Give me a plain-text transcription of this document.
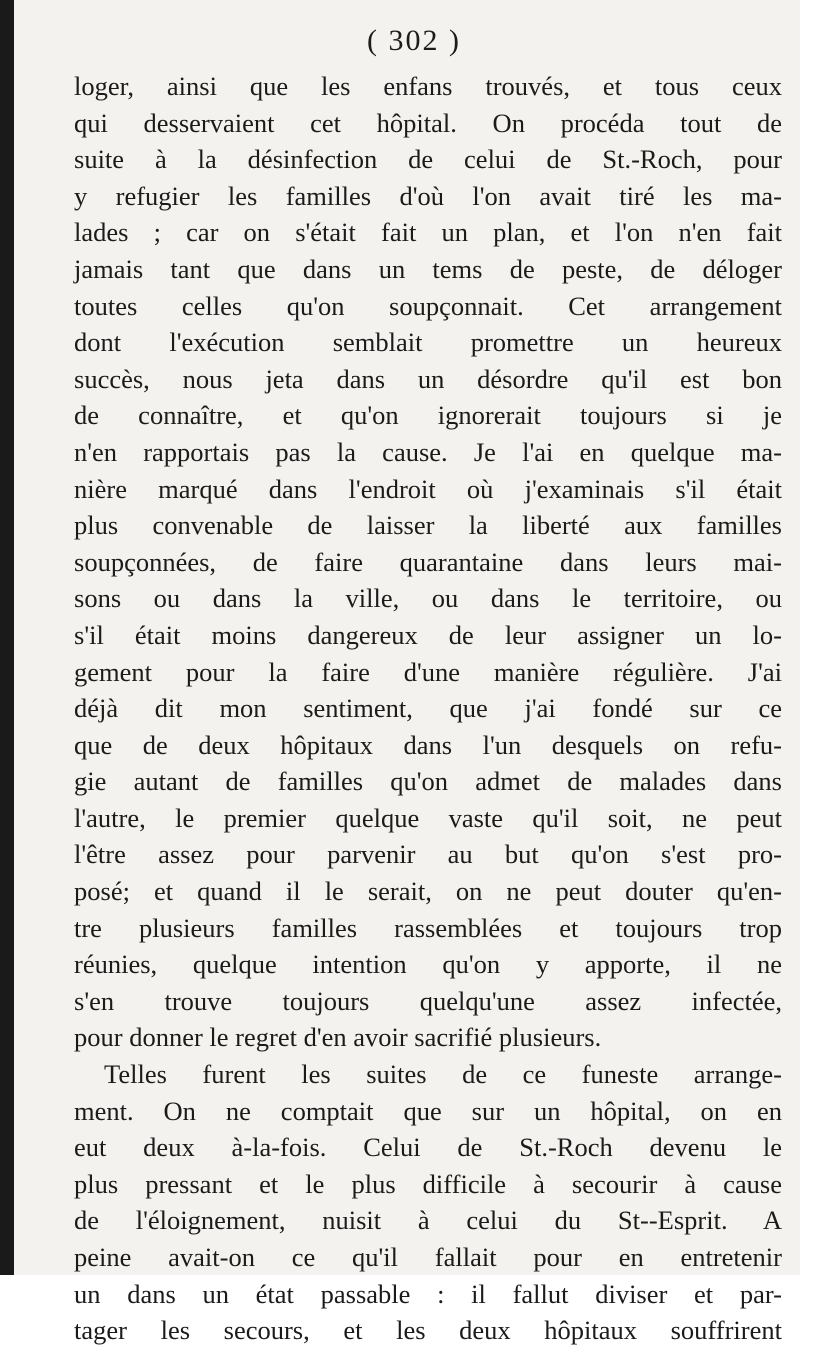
( 302 )
loger, ainsi que les enfans trouvés, et tous ceux
qui desservaient cet hôpital. On procéda tout de
suite à la désinfection de celui de St.-Roch, pour
y refugier les familles d'où l'on avait tiré les ma-
lades ; car on s'était fait un plan, et l'on n'en fait
jamais tant que dans un tems de peste, de déloger
toutes celles qu'on soupçonnait. Cet arrangement
dont l'exécution semblait promettre un heureux
succès, nous jeta dans un désordre qu'il est bon
de connaître, et qu'on ignorerait toujours si je
n'en rapportais pas la cause. Je l'ai en quelque ma-
nière marqué dans l'endroit où j'examinais s'il était
plus convenable de laisser la liberté aux familles
soupçonnées, de faire quarantaine dans leurs mai-
sons ou dans la ville, ou dans le territoire, ou
s'il était moins dangereux de leur assigner un lo-
gement pour la faire d'une manière régulière. J'ai
déjà dit mon sentiment, que j'ai fondé sur ce
que de deux hôpitaux dans l'un desquels on refu-
gie autant de familles qu'on admet de malades dans
l'autre, le premier quelque vaste qu'il soit, ne peut
l'être assez pour parvenir au but qu'on s'est pro-
posé; et quand il le serait, on ne peut douter qu'en-
tre plusieurs familles rassemblées et toujours trop
réunies, quelque intention qu'on y apporte, il ne
s'en trouve toujours quelqu'une assez infectée,
pour donner le regret d'en avoir sacrifié plusieurs.
Telles furent les suites de ce funeste arrange-
ment. On ne comptait que sur un hôpital, on en
eut deux à-la-fois. Celui de St.-Roch devenu le
plus pressant et le plus difficile à secourir à cause
de l'éloignement, nuisit à celui du St--Esprit. A
peine avait-on ce qu'il fallait pour en entretenir
un dans un état passable : il fallut diviser et par-
tager les secours, et les deux hôpitaux souffrirent
